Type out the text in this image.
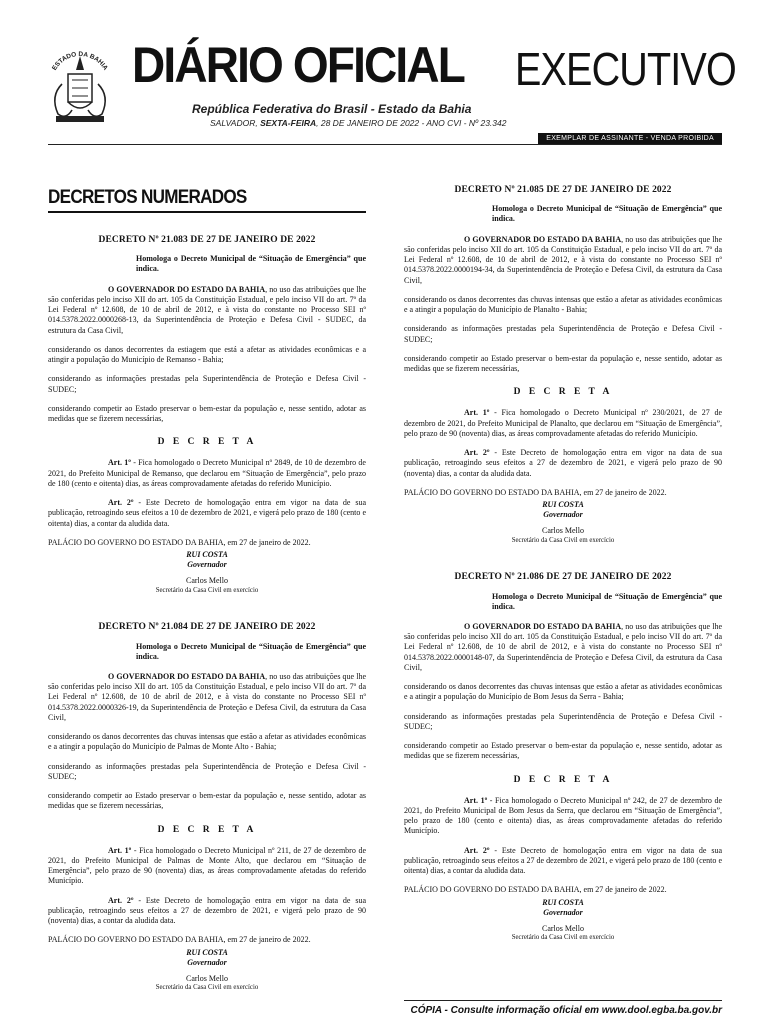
ESTADO DA BAHIA DIÁRIO OFICIAL EXECUTIVO
República Federativa do Brasil - Estado da Bahia
SALVADOR, SEXTA-FEIRA, 28 DE JANEIRO DE 2022 - ANO CVI - Nº 23.342
EXEMPLAR DE ASSINANTE - VENDA PROIBIDA
DECRETOS NUMERADOS
DECRETO Nº 21.083 DE 27 DE JANEIRO DE 2022
Homologa o Decreto Municipal de “Situação de Emergência” que indica.

O GOVERNADOR DO ESTADO DA BAHIA, no uso das atribuições que lhe são conferidas pelo inciso XII do art. 105 da Constituição Estadual, e pelo inciso VII do art. 7º da Lei Federal nº 12.608, de 10 de abril de 2012, e à vista do constante no Processo SEI nº 014.5378.2022.0000268-13, da Superintendência de Proteção e Defesa Civil - SUDEC, da estrutura da Casa Civil,

considerando os danos decorrentes da estiagem que está a afetar as atividades econômicas e a atingir a população do Município de Remanso - Bahia;

considerando as informações prestadas pela Superintendência de Proteção e Defesa Civil - SUDEC;

considerando competir ao Estado preservar o bem-estar da população e, nesse sentido, adotar as medidas que se fizerem necessárias,

D E C R E T A

Art. 1º - Fica homologado o Decreto Municipal nº 2849, de 10 de dezembro de 2021, do Prefeito Municipal de Remanso, que declarou em “Situação de Emergência”, pelo prazo de 180 (cento e oitenta) dias, as áreas comprovadamente afetadas do referido Município.

Art. 2º - Este Decreto de homologação entra em vigor na data de sua publicação, retroagindo seus efeitos a 10 de dezembro de 2021, e vigerá pelo prazo de 180 (cento e oitenta) dias, a contar da aludida data.

PALÁCIO DO GOVERNO DO ESTADO DA BAHIA, em 27 de janeiro de 2022.

RUI COSTA
Governador
Carlos Mello
Secretário da Casa Civil em exercício
DECRETO Nº 21.084 DE 27 DE JANEIRO DE 2022
Homologa o Decreto Municipal de “Situação de Emergência” que indica.

O GOVERNADOR DO ESTADO DA BAHIA, no uso das atribuições que lhe são conferidas pelo inciso XII do art. 105 da Constituição Estadual, e pelo inciso VII do art. 7º da Lei Federal nº 12.608, de 10 de abril de 2012, e à vista do constante no Processo SEI nº 014.5378.2022.0000326-19, da Superintendência de Proteção e Defesa Civil, da estrutura da Casa Civil,

considerando os danos decorrentes das chuvas intensas que estão a afetar as atividades econômicas e a atingir a população do Município de Palmas de Monte Alto - Bahia;

considerando as informações prestadas pela Superintendência de Proteção e Defesa Civil - SUDEC;

considerando competir ao Estado preservar o bem-estar da população e, nesse sentido, adotar as medidas que se fizerem necessárias,

D E C R E T A

Art. 1º - Fica homologado o Decreto Municipal nº 211, de 27 de dezembro de 2021, do Prefeito Municipal de Palmas de Monte Alto, que declarou em “Situação de Emergência”, pelo prazo de 90 (noventa) dias, as áreas comprovadamente afetadas do referido Município.

Art. 2º - Este Decreto de homologação entra em vigor na data de sua publicação, retroagindo seus efeitos a 27 de dezembro de 2021, e vigerá pelo prazo de 90 (noventa) dias, a contar da aludida data.

PALÁCIO DO GOVERNO DO ESTADO DA BAHIA, em 27 de janeiro de 2022.

RUI COSTA
Governador
Carlos Mello
Secretário da Casa Civil em exercício
DECRETO Nº 21.085 DE 27 DE JANEIRO DE 2022
Homologa o Decreto Municipal de “Situação de Emergência” que indica.

O GOVERNADOR DO ESTADO DA BAHIA, no uso das atribuições que lhe são conferidas pelo inciso XII do art. 105 da Constituição Estadual, e pelo inciso VII do art. 7º da Lei Federal nº 12.608, de 10 de abril de 2012, e à vista do constante no Processo SEI nº 014.5378.2022.0000194-34, da Superintendência de Proteção e Defesa Civil, da estrutura da Casa Civil,

considerando os danos decorrentes das chuvas intensas que estão a afetar as atividades econômicas e a atingir a população do Município de Planalto - Bahia;

considerando as informações prestadas pela Superintendência de Proteção e Defesa Civil - SUDEC;

considerando competir ao Estado preservar o bem-estar da população e, nesse sentido, adotar as medidas que se fizerem necessárias,

D E C R E T A

Art. 1º - Fica homologado o Decreto Municipal nº 230/2021, de 27 de dezembro de 2021, do Prefeito Municipal de Planalto, que declarou em “Situação de Emergência”, pelo prazo de 90 (noventa) dias, as áreas comprovadamente afetadas do referido Município.

Art. 2º - Este Decreto de homologação entra em vigor na data de sua publicação, retroagindo seus efeitos a 27 de dezembro de 2021, e vigerá pelo prazo de 90 (noventa) dias, a contar da aludida data.

PALÁCIO DO GOVERNO DO ESTADO DA BAHIA, em 27 de janeiro de 2022.

RUI COSTA
Governador
Carlos Mello
Secretário da Casa Civil em exercício
DECRETO Nº 21.086 DE 27 DE JANEIRO DE 2022
Homologa o Decreto Municipal de “Situação de Emergência” que indica.

O GOVERNADOR DO ESTADO DA BAHIA, no uso das atribuições que lhe são conferidas pelo inciso XII do art. 105 da Constituição Estadual, e pelo inciso VII do art. 7º da Lei Federal nº 12.608, de 10 de abril de 2012, e à vista do constante no Processo SEI nº 014.5378.2022.0000148-07, da Superintendência de Proteção e Defesa Civil, da estrutura da Casa Civil,

considerando os danos decorrentes das chuvas intensas que estão a afetar as atividades econômicas e a atingir a população do Município de Bom Jesus da Serra - Bahia;

considerando as informações prestadas pela Superintendência de Proteção e Defesa Civil - SUDEC;

considerando competir ao Estado preservar o bem-estar da população e, nesse sentido, adotar as medidas que se fizerem necessárias,

D E C R E T A

Art. 1º - Fica homologado o Decreto Municipal nº 242, de 27 de dezembro de 2021, do Prefeito Municipal de Bom Jesus da Serra, que declarou em “Situação de Emergência”, pelo prazo de 180 (cento e oitenta) dias, as áreas comprovadamente afetadas do referido Município.

Art. 2º - Este Decreto de homologação entra em vigor na data de sua publicação, retroagindo seus efeitos a 27 de dezembro de 2021, e vigerá pelo prazo de 180 (cento e oitenta) dias, a contar da aludida data.

PALÁCIO DO GOVERNO DO ESTADO DA BAHIA, em 27 de janeiro de 2022.

RUI COSTA
Governador
Carlos Mello
Secretário da Casa Civil em exercício
CÓPIA - Consulte informação oficial em www.dool.egba.ba.gov.br
